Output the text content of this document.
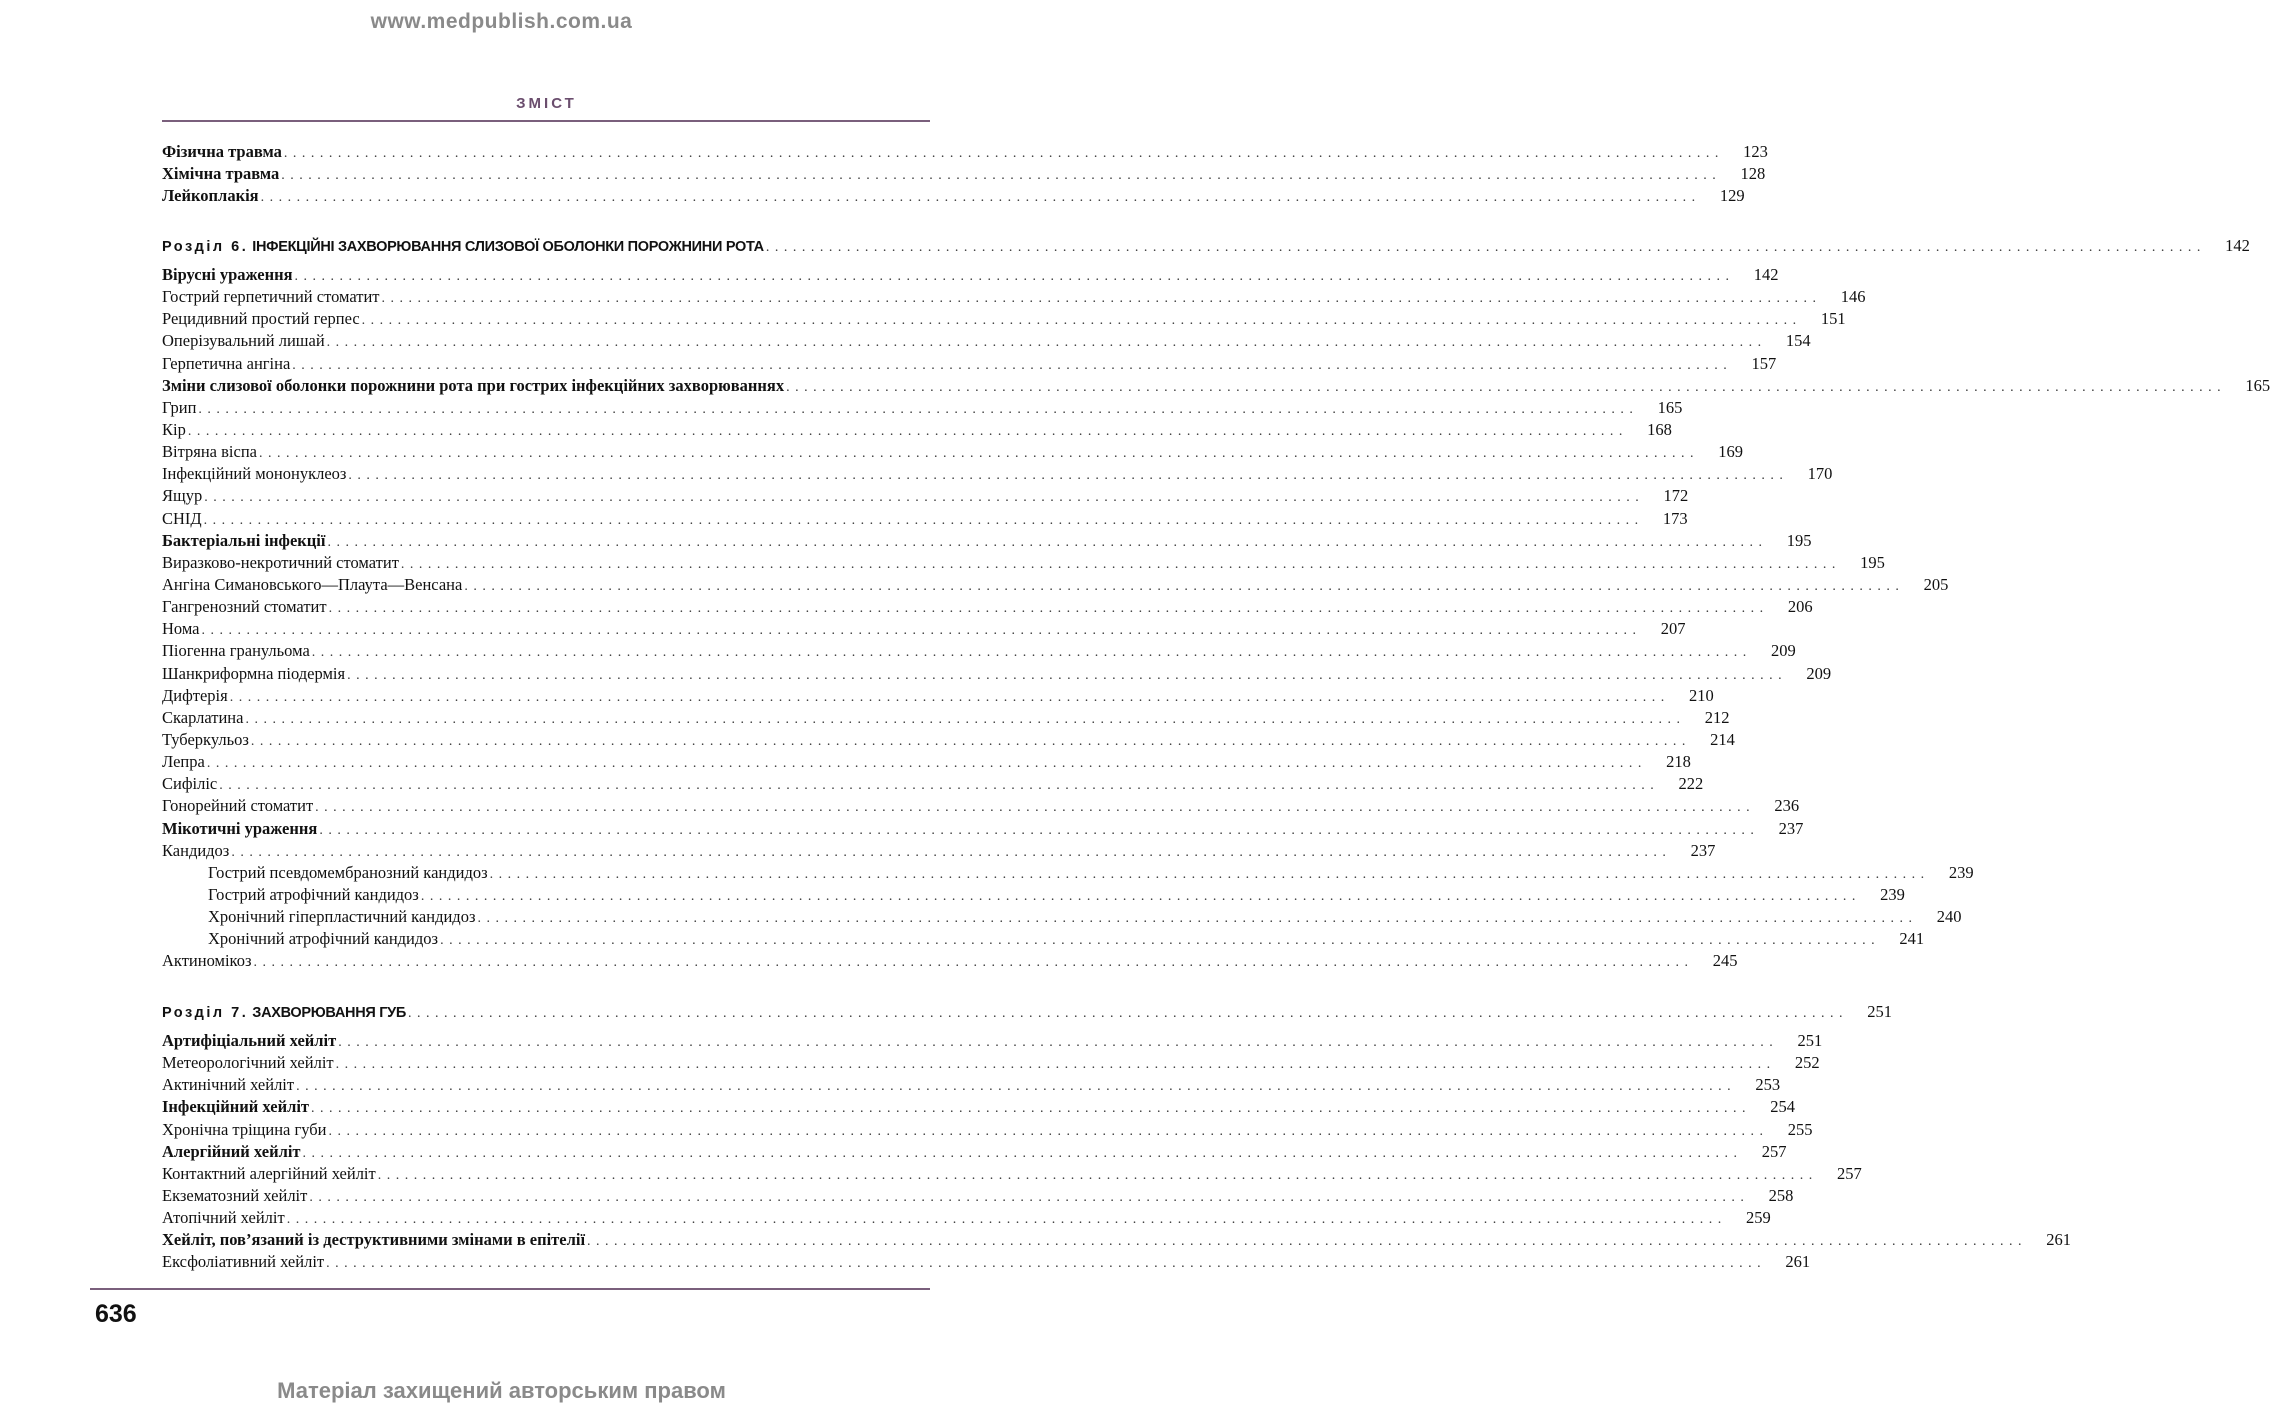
www.medpublish.com.ua
ЗМІСТ
Фізична травма ................................................................................................................................................................	123
Хімічна травма ................................................................................................................................................................	128
Лейкоплакія ................................................................................................................................................................	129
Розділ 6. ІНФЕКЦІЙНІ ЗАХВОРЮВАННЯ СЛИЗОВОЇ ОБОЛОНКИ ПОРОЖНИНИ РОТА ................................................................................................................................................................	142
Вірусні ураження ................................................................................................................................................................	142
Гострий герпетичний стоматит ................................................................................................................................................................	146
Рецидивний простий герпес ................................................................................................................................................................	151
Оперізувальний лишай ................................................................................................................................................................	154
Герпетична ангіна ................................................................................................................................................................	157
Зміни слизової оболонки порожнини рота при гострих інфекційних захворюваннях ................................................................................................................................................................	165
Грип ................................................................................................................................................................	165
Кір ................................................................................................................................................................	168
Вітряна віспа ................................................................................................................................................................	169
Інфекційний мононуклеоз ................................................................................................................................................................	170
Ящур ................................................................................................................................................................	172
СНІД ................................................................................................................................................................	173
Бактеріальні інфекції ................................................................................................................................................................	195
Виразково-некротичний стоматит ................................................................................................................................................................	195
Ангіна Симановського—Плаута—Венсана ................................................................................................................................................................	205
Гангренозний стоматит ................................................................................................................................................................	206
Нома ................................................................................................................................................................	207
Піогенна гранульома ................................................................................................................................................................	209
Шанкриформна піодермія ................................................................................................................................................................	209
Дифтерія ................................................................................................................................................................	210
Скарлатина ................................................................................................................................................................	212
Туберкульоз ................................................................................................................................................................	214
Лепра ................................................................................................................................................................	218
Сифіліс ................................................................................................................................................................	222
Гонорейний стоматит ................................................................................................................................................................	236
Мікотичні ураження ................................................................................................................................................................	237
Кандидоз ................................................................................................................................................................	237
Гострий псевдомембранозний кандидоз ................................................................................................................................................................	239
Гострий атрофічний кандидоз ................................................................................................................................................................	239
Хронічний гіперпластичний кандидоз ................................................................................................................................................................	240
Хронічний атрофічний кандидоз ................................................................................................................................................................	241
Актиномікоз ................................................................................................................................................................	245
Розділ 7. ЗАХВОРЮВАННЯ ГУБ ................................................................................................................................................................	251
Артифіціальний хейліт ................................................................................................................................................................	251
Метеорологічний хейліт ................................................................................................................................................................	252
Актинічний хейліт ................................................................................................................................................................	253
Інфекційний хейліт ................................................................................................................................................................	254
Хронічна тріщина губи ................................................................................................................................................................	255
Алергійний хейліт ................................................................................................................................................................	257
Контактний алергійний хейліт ................................................................................................................................................................	257
Екзематозний хейліт ................................................................................................................................................................	258
Атопічний хейліт ................................................................................................................................................................	259
Хейліт, пов’язаний із деструктивними змінами в епітелії ................................................................................................................................................................	261
Ексфоліативний хейліт ................................................................................................................................................................	261
636
Матеріал захищений авторським правом
